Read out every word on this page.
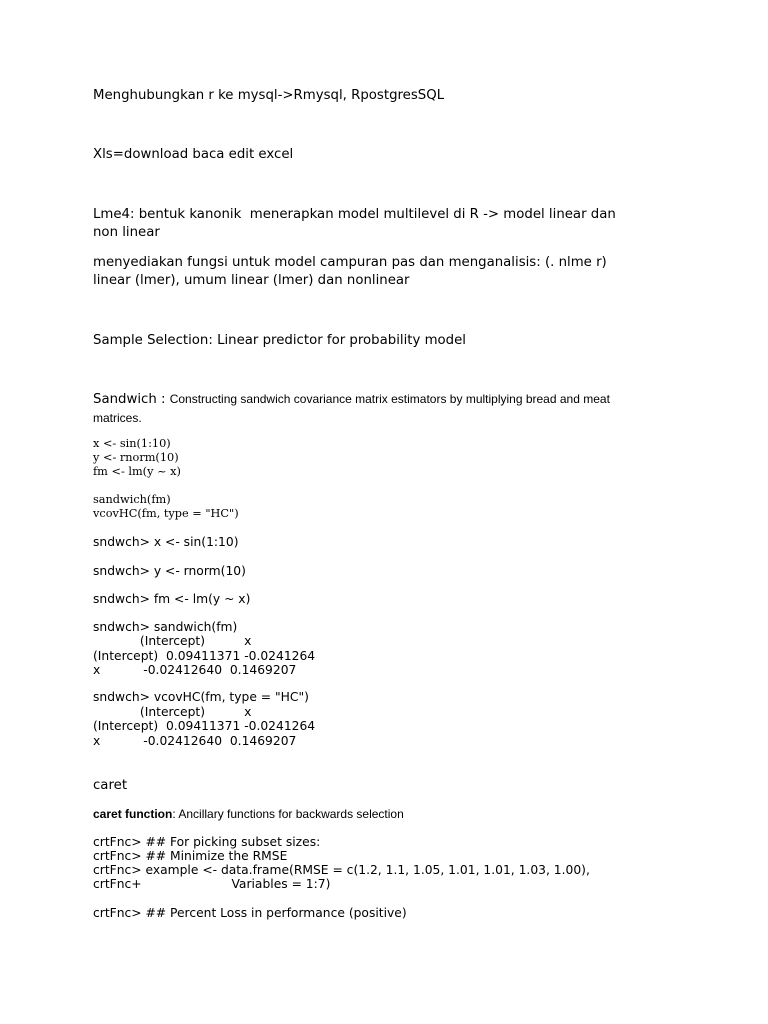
Menghubungkan r ke mysql->Rmysql, RpostgresSQL

Xls=download baca edit excel

Lme4: bentuk kanonik  menerapkan model multilevel di R -> model linear dan

non linear

menyediakan fungsi untuk model campuran pas dan menganalisis: (. nlme r)

linear (lmer), umum linear (lmer) dan nonlinear

Sample Selection: Linear predictor for probability model

Sandwich : Constructing sandwich covariance matrix estimators by multiplying bread and meat

matrices.

x <- sin(1:10)

y <- rnorm(10)

fm <- lm(y ~ x)

sandwich(fm)

vcovHC(fm, type = "HC")

sndwch> x <- sin(1:10)

sndwch> y <- rnorm(10)

sndwch> fm <- lm(y ~ x)

sndwch> sandwich(fm)

(Intercept)          x

(Intercept)  0.09411371 -0.0241264

x           -0.02412640  0.1469207

sndwch> vcovHC(fm, type = "HC")

(Intercept)          x

(Intercept)  0.09411371 -0.0241264

x           -0.02412640  0.1469207

caret

caret function: Ancillary functions for backwards selection

crtFnc> ## For picking subset sizes:

crtFnc> ## Minimize the RMSE

crtFnc> example <- data.frame(RMSE = c(1.2, 1.1, 1.05, 1.01, 1.01, 1.03, 1.00),

crtFnc+                       Variables = 1:7)

crtFnc> ## Percent Loss in performance (positive)
